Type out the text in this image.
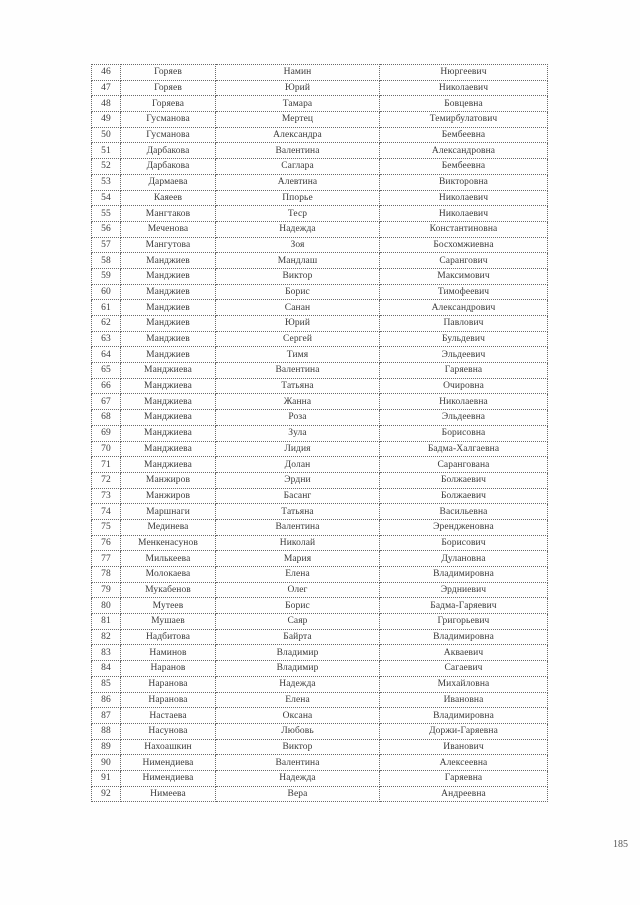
46	Горяев	Намин	Нюргеевич
47	Горяев	Юрий	Николаевич
48	Горяева	Тамара	Бовцевна
49	Гусманова	Мертец	Темирбулатович
50	Гусманова	Александра	Бембеевна
51	Дарбакова	Валентина	Александровна
52	Дарбакова	Саглара	Бембеевна
53	Дармаева	Алевтина	Викторовна
54	Каяеев	Ппорье	Николаевич
55	Мангтаков	Теср	Николаевич
56	Меченова	Надежда	Константиновна
57	Мангутова	Зоя	Босхомжиевна
58	Манджиев	Мандлаш	Сарангович
59	Манджиев	Виктор	Максимович
60	Манджиев	Борис	Тимофеевич
61	Манджиев	Санан	Александрович
62	Манджиев	Юрий	Павлович
63	Манджиев	Сергей	Бульдевич
64	Манджиев	Тимя	Эльдеевич
65	Манджиева	Валентина	Гаряевна
66	Манджиева	Татьяна	Очировна
67	Манджиева	Жанна	Николаевна
68	Манджиева	Роза	Эльдеевна
69	Манджиева	Зула	Борисовна
70	Манджиева	Лидия	Бадма-Халгаевна
71	Манджиева	Долан	Сарангована
72	Манжиров	Эрдни	Болжаевич
73	Манжиров	Басанг	Болжаевич
74	Маршнаги	Татьяна	Васильевна
75	Мединева	Валентина	Эрендженовна
76	Менкенасунов	Николай	Борисович
77	Милькеева	Мария	Дулановна
78	Молокаева	Елена	Владимировна
79	Мукабенов	Олег	Эрдниевич
80	Мутеев	Борис	Бадма-Гаряевич
81	Мушаев	Саяр	Григорьевич
82	Надбитова	Байрта	Владимировна
83	Наминов	Владимир	Акваевич
84	Наранов	Владимир	Сагаевич
85	Наранова	Надежда	Михайловна
86	Наранова	Елена	Ивановна
87	Настаева	Оксана	Владимировна
88	Насунова	Любовь	Доржи-Гаряевна
89	Нахоашкин	Виктор	Иванович
90	Нимендиева	Валентина	Алексеевна
91	Нимендиева	Надежда	Гаряевна
92	Нимеева	Вера	Андреевна
185
